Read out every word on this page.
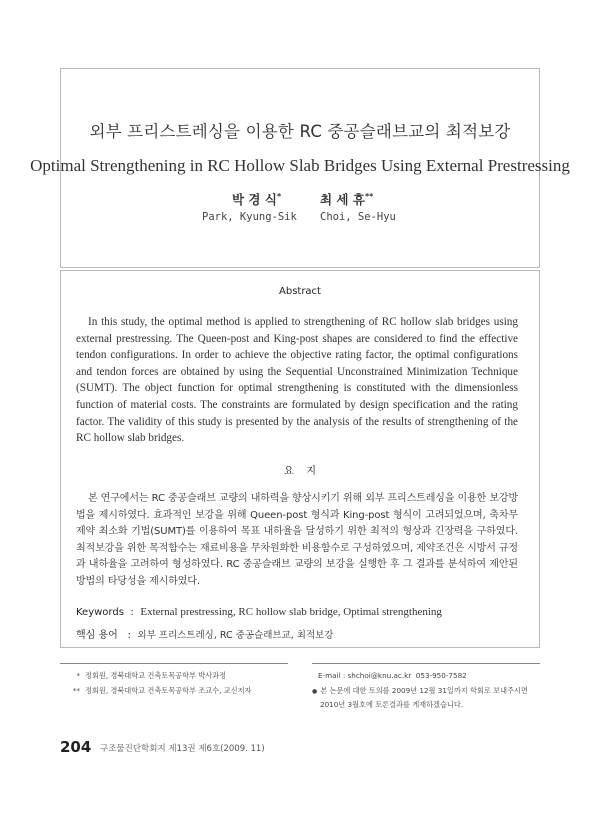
외부 프리스트레싱을 이용한 RC 중공슬래브교의 최적보강
Optimal Strengthening in RC Hollow Slab Bridges Using External Prestressing
박 경 식*	최 세 휴**
Park, Kyung-Sik Choi, Se-Hyu
Abstract
In this study, the optimal method is applied to strengthening of RC hollow slab bridges using external prestressing. The Queen-post and King-post shapes are considered to find the effective tendon configurations. In order to achieve the objective rating factor, the optimal configurations and tendon forces are obtained by using the Sequential Unconstrained Minimization Technique (SUMT). The object function for optimal strengthening is constituted with the dimensionless function of material costs. The constraints are formulated by design specification and the rating factor. The validity of this study is presented by the analysis of the results of strengthening of the RC hollow slab bridges.
요    지
본 연구에서는 RC 중공슬래브 교량의 내하력을 향상시키기 위해 외부 프리스트레싱을 이용한 보강방법을 제시하였다. 효과적인 보강을 위해 Queen-post 형식과 King-post 형식이 고려되었으며, 축차무제약 최소화 기법(SUMT)를 이용하여 목표 내하율을 달성하기 위한 최적의 형상과 긴장력을 구하였다. 최적보강을 위한 목적함수는 재료비용을 무차원화한 비용함수로 구성하였으며, 제약조건은 시방서 규정과 내하율을 고려하여 형성하였다. RC 중공슬래브 교량의 보강을 실행한 후 그 결과를 분석하여 제안된 방법의 타당성을 제시하였다.
Keywords  :  External prestressing, RC hollow slab bridge, Optimal strengthening
핵심 용어   :  외부 프리스트레싱, RC 중공슬래브교, 최적보강
* 정회원, 경북대학교 건축토목공학부 박사과정
** 정회원, 경북대학교 건축토목공학부 조교수, 교신저자
E-mail : shchoi@knu.ac.kr  053-950-7582
● 본 논문에 대한 토의를 2009년 12월 31일까지 학회로 보내주시면
2010년 3월호에 토론결과를 게재하겠습니다.
204 구조물진단학회지 제13권 제6호(2009. 11)
